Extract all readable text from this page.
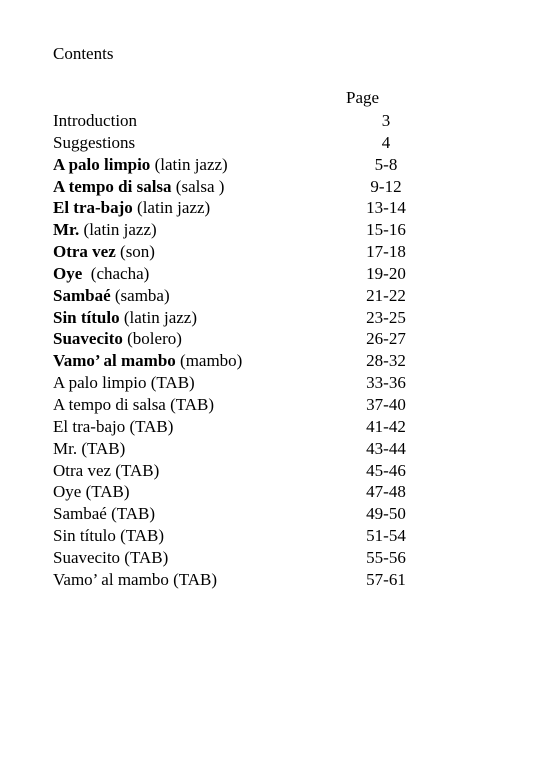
Contents
Page
Introduction	3
Suggestions	4
A palo limpio (latin jazz)	5-8
A tempo di salsa (salsa )	9-12
El tra-bajo (latin jazz)	13-14
Mr. (latin jazz)	15-16
Otra vez (son)	17-18
Oye  (chacha)	19-20
Sambaé (samba)	21-22
Sin título (latin jazz)	23-25
Suavecito (bolero)	26-27
Vamo’ al mambo (mambo)	28-32
A palo limpio (TAB)	33-36
A tempo di salsa (TAB)	37-40
El tra-bajo (TAB)	41-42
Mr. (TAB)	43-44
Otra vez (TAB)	45-46
Oye (TAB)	47-48
Sambaé (TAB)	49-50
Sin título (TAB)	51-54
Suavecito (TAB)	55-56
Vamo’ al mambo (TAB)	57-61
